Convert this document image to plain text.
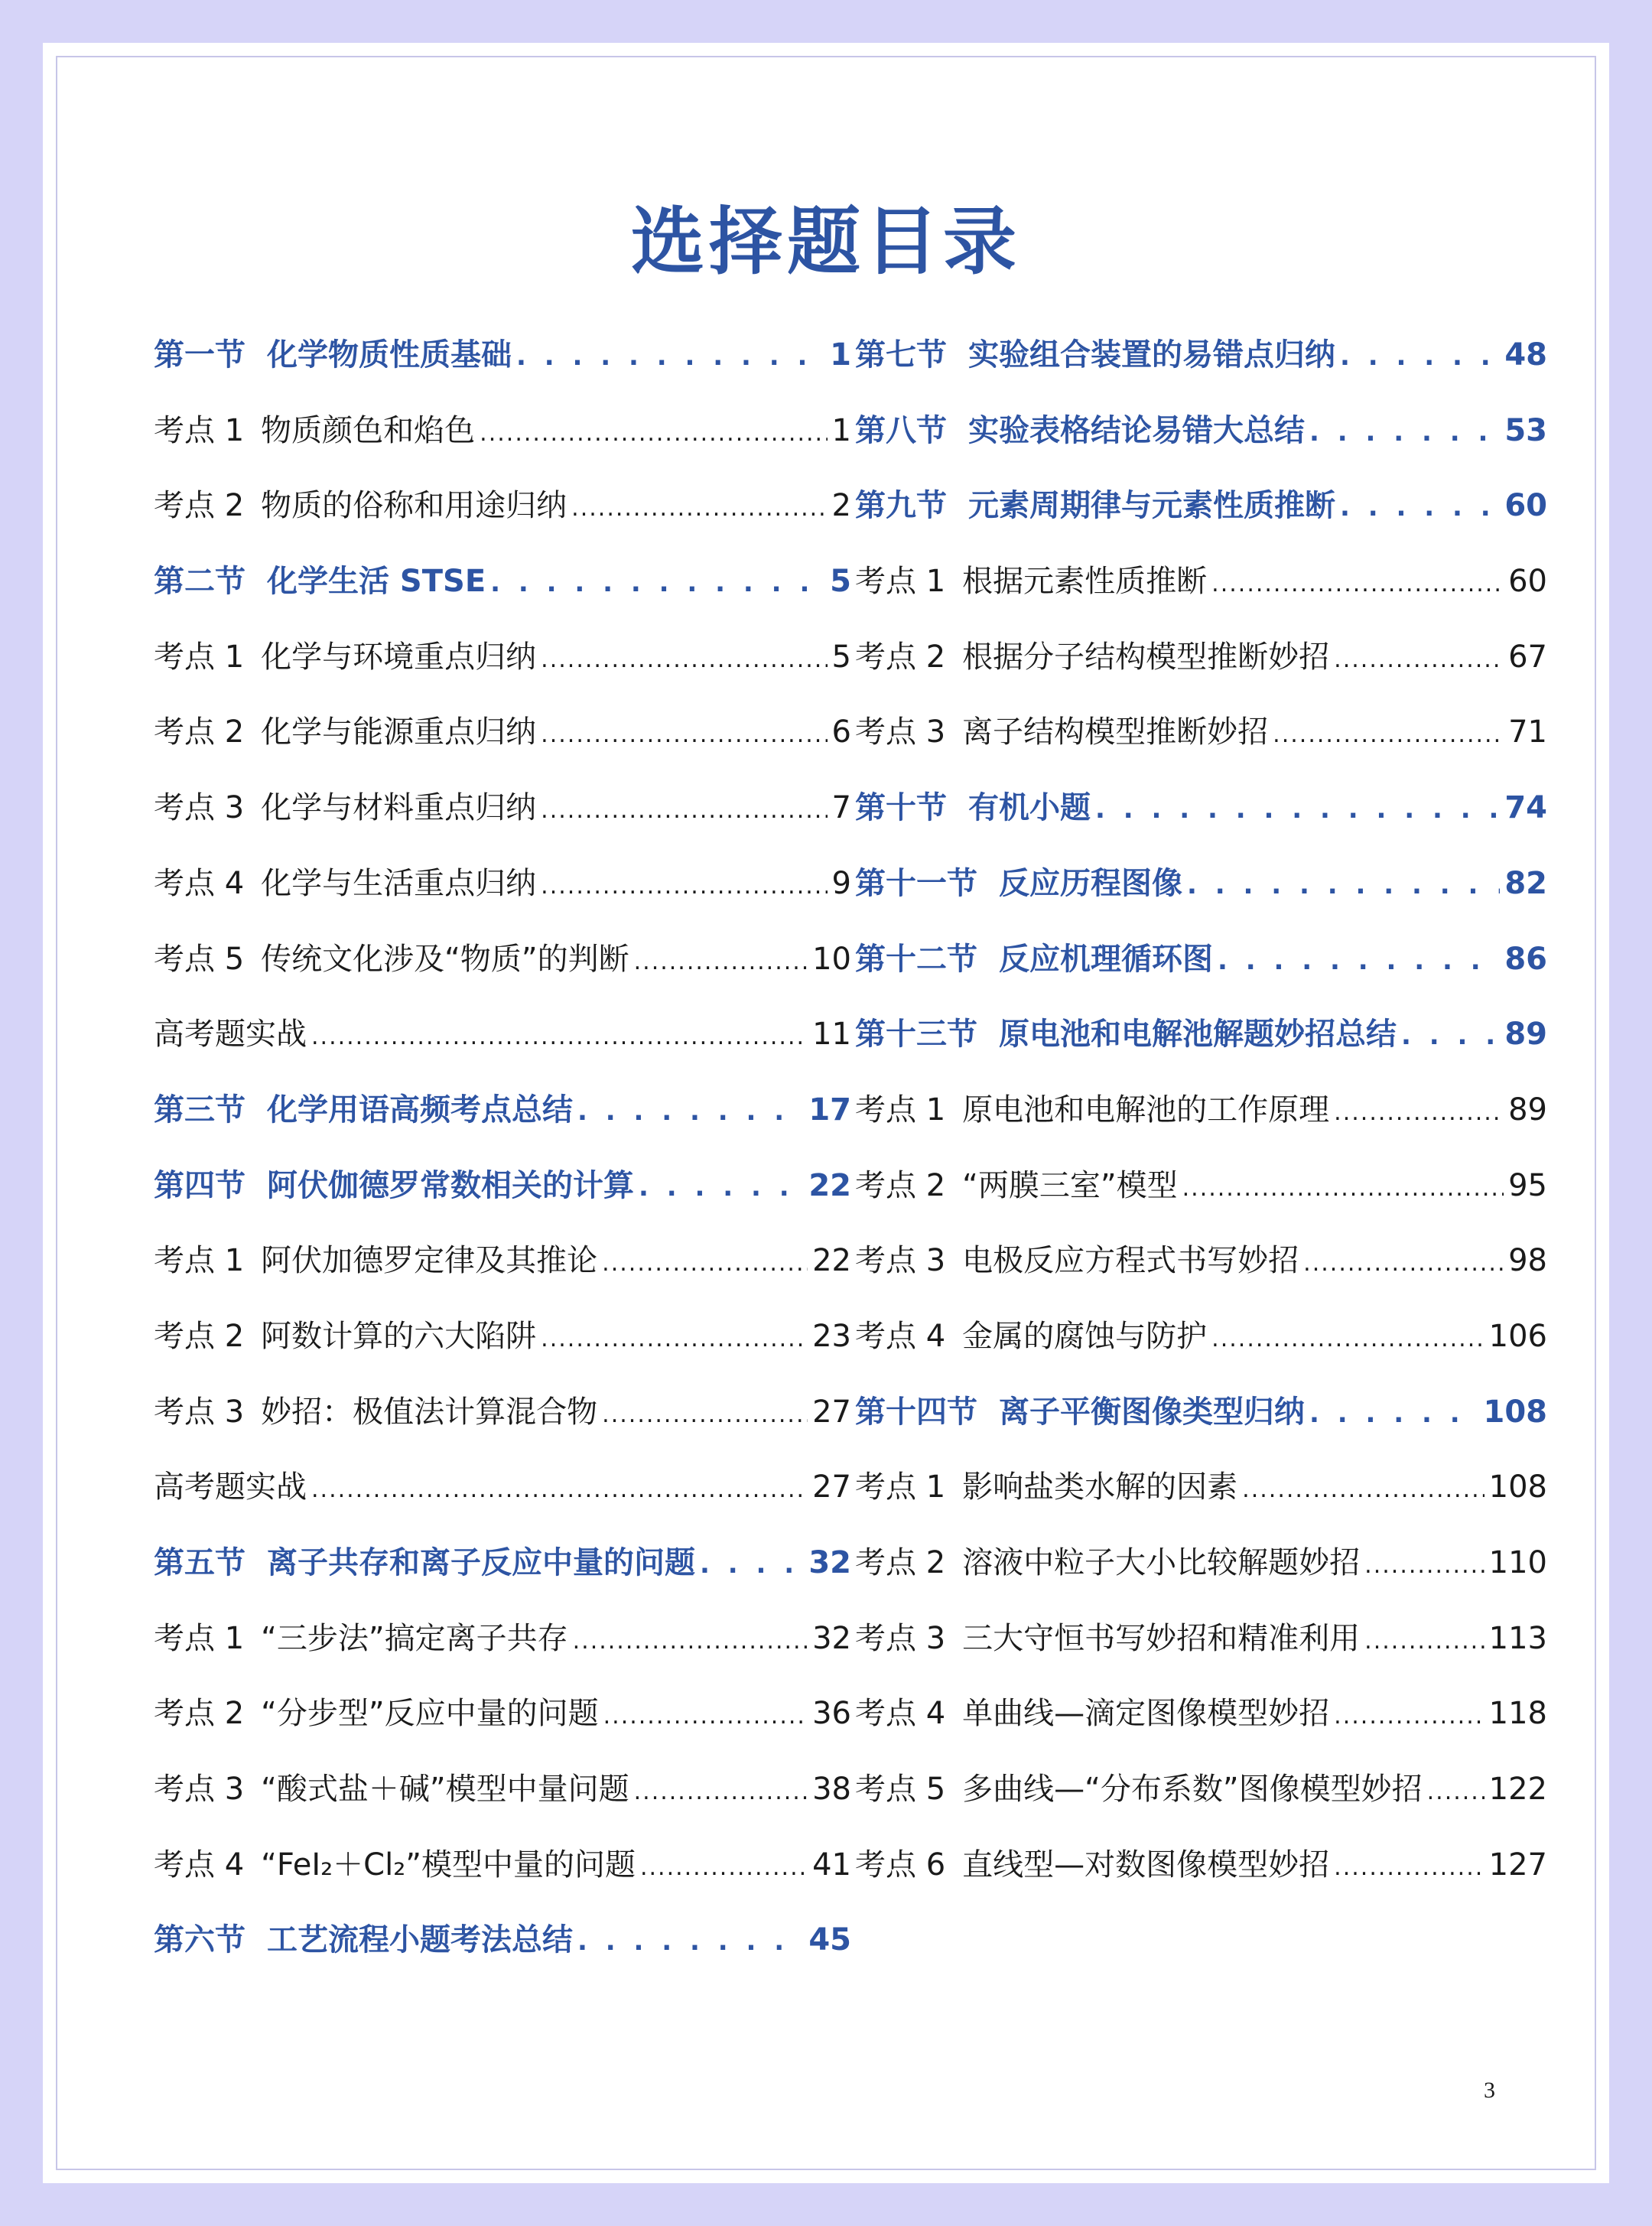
选择题目录
第一节 化学物质性质基础 . . .	1
考点 1 物质颜色和焰色 .....	1
考点 2 物质的俗称和用途归纳 .....	2
第二节 化学生活 STSE . . .	5
考点 1 化学与环境重点归纳 .....	5
考点 2 化学与能源重点归纳 .....	6
考点 3 化学与材料重点归纳 .....	7
考点 4 化学与生活重点归纳 .....	9
考点 5 传统文化涉及“物质”的判断 .....	10
高考题实战 .....	11
第三节 化学用语高频考点总结 . . .	17
第四节 阿伏伽德罗常数相关的计算 . . .	22
考点 1 阿伏加德罗定律及其推论 .....	22
考点 2 阿数计算的六大陷阱 .....	23
考点 3 妙招：极值法计算混合物 .....	27
高考题实战 .....	27
第五节 离子共存和离子反应中量的问题 . . .	32
考点 1 “三步法”搞定离子共存 .....	32
考点 2 “分步型”反应中量的问题 .....	36
考点 3 “酸式盐＋碱”模型中量问题 .....	38
考点 4 “FeI₂＋Cl₂”模型中量的问题 .....	41
第六节 工艺流程小题考法总结 . . .	45
第七节 实验组合装置的易错点归纳 . . .	48
第八节 实验表格结论易错大总结 . . .	53
第九节 元素周期律与元素性质推断 . . .	60
考点 1 根据元素性质推断 .....	60
考点 2 根据分子结构模型推断妙招 .....	67
考点 3 离子结构模型推断妙招 .....	71
第十节 有机小题 . . .	74
第十一节 反应历程图像 . . .	82
第十二节 反应机理循环图 . . .	86
第十三节 原电池和电解池解题妙招总结 . . .	89
考点 1 原电池和电解池的工作原理 .....	89
考点 2 “两膜三室”模型 .....	95
考点 3 电极反应方程式书写妙招 .....	98
考点 4 金属的腐蚀与防护 .....	106
第十四节 离子平衡图像类型归纳 . . .	108
考点 1 影响盐类水解的因素 .....	108
考点 2 溶液中粒子大小比较解题妙招 .....	110
考点 3 三大守恒书写妙招和精准利用 .....	113
考点 4 单曲线—滴定图像模型妙招 .....	118
考点 5 多曲线—“分布系数”图像模型妙招 ..... 122
考点 6 直线型—对数图像模型妙招 .....	127
3
